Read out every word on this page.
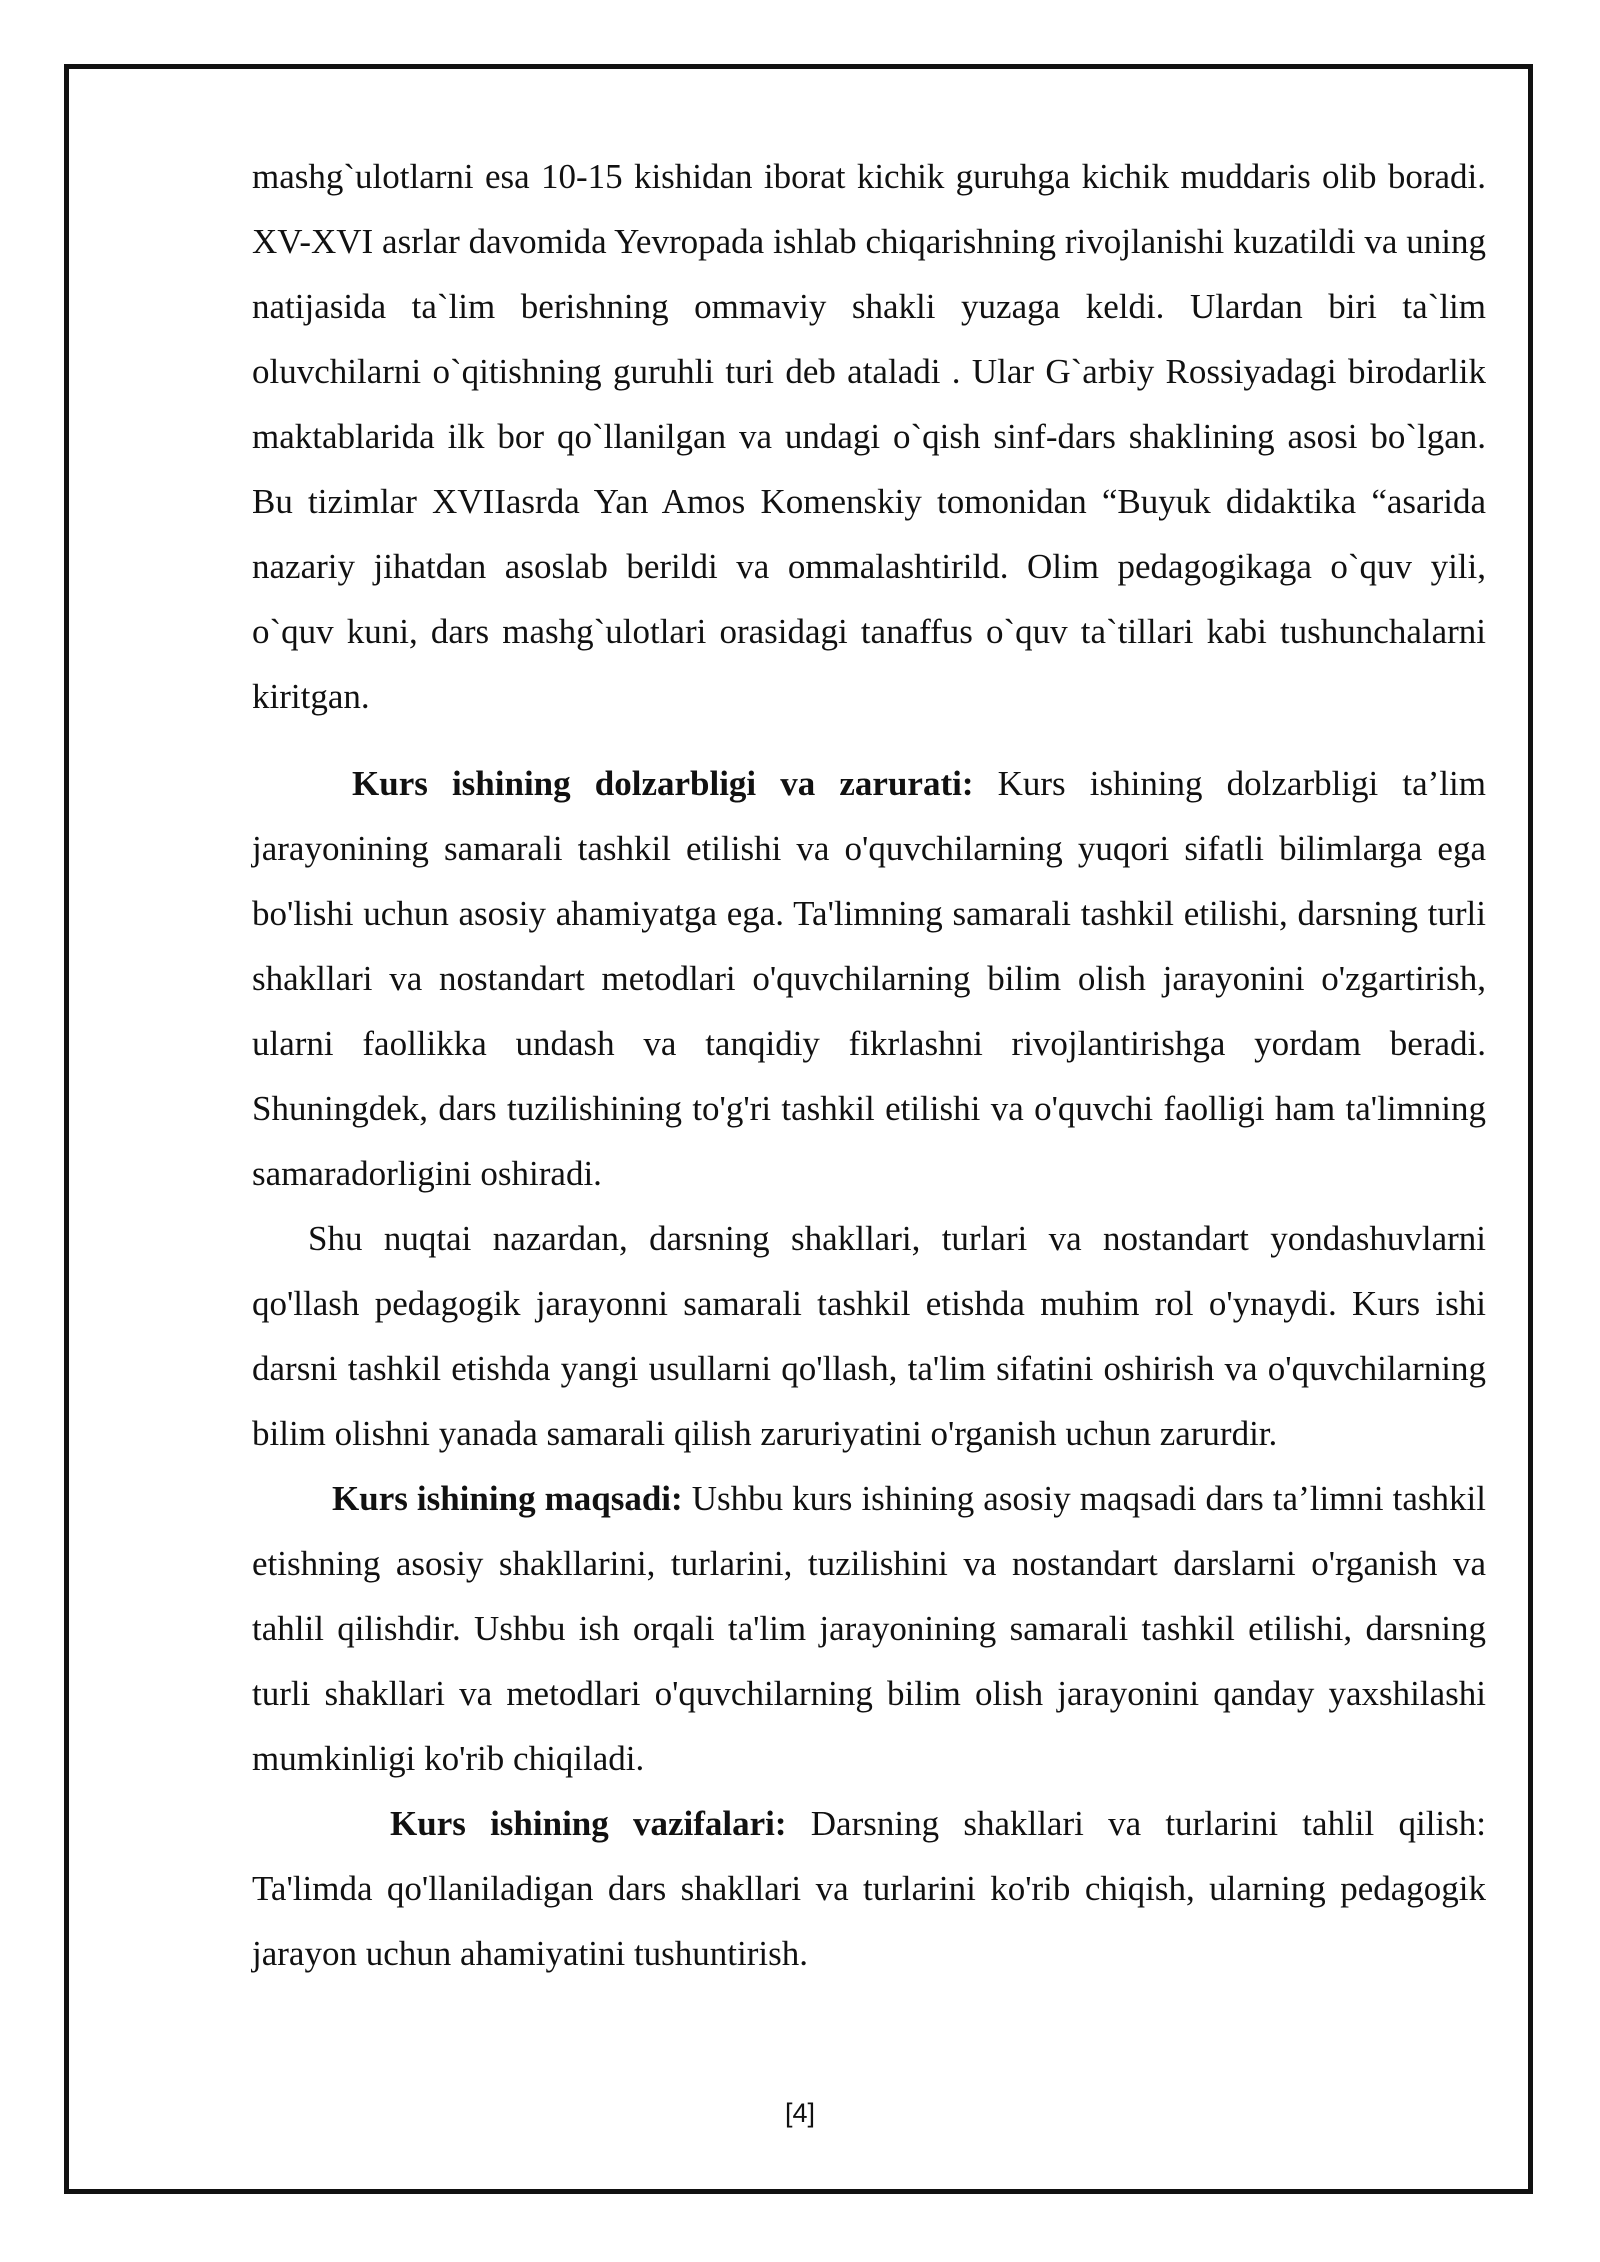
mashg`ulotlarni esa 10-15 kishidan iborat kichik guruhga kichik muddaris olib boradi. XV-XVI asrlar davomida Yevropada ishlab chiqarishning rivojlanishi kuzatildi va uning natijasida ta`lim berishning ommaviy shakli yuzaga keldi. Ulardan biri ta`lim oluvchilarni o`qitishning guruhli turi deb ataladi . Ular G`arbiy Rossiyadagi birodarlik maktablarida ilk bor qo`llanilgan va undagi o`qish sinf-dars shaklining asosi bo`lgan. Bu tizimlar XVIIasrda Yan Amos Komenskiy tomonidan “Buyuk didaktika “asarida nazariy jihatdan asoslab berildi va ommalashtirild. Olim pedagogikaga o`quv yili, o`quv kuni, dars mashg`ulotlari orasidagi tanaffus o`quv ta`tillari kabi tushunchalarni kiritgan.

Kurs ishining dolzarbligi va zarurati: Kurs ishining dolzarbligi ta’lim jarayonining samarali tashkil etilishi va o'quvchilarning yuqori sifatli bilimlarga ega bo'lishi uchun asosiy ahamiyatga ega. Ta'limning samarali tashkil etilishi, darsning turli shakllari va nostandart metodlari o'quvchilarning bilim olish jarayonini o'zgartirish, ularni faollikka undash va tanqidiy fikrlashni rivojlantirishga yordam beradi. Shuningdek, dars tuzilishining to'g'ri tashkil etilishi va o'quvchi faolligi ham ta'limning samaradorligini oshiradi.

Shu nuqtai nazardan, darsning shakllari, turlari va nostandart yondashuvlarni qo'llash pedagogik jarayonni samarali tashkil etishda muhim rol o'ynaydi. Kurs ishi darsni tashkil etishda yangi usullarni qo'llash, ta'lim sifatini oshirish va o'quvchilarning bilim olishni yanada samarali qilish zaruriyatini o'rganish uchun zarurdir.

Kurs ishining maqsadi: Ushbu kurs ishining asosiy maqsadi dars ta’limni tashkil etishning asosiy shakllarini, turlarini, tuzilishini va nostandart darslarni o'rganish va tahlil qilishdir. Ushbu ish orqali ta'lim jarayonining samarali tashkil etilishi, darsning turli shakllari va metodlari o'quvchilarning bilim olish jarayonini qanday yaxshilashi mumkinligi ko'rib chiqiladi.

Kurs ishining vazifalari: Darsning shakllari va turlarini tahlil qilish: Ta'limda qo'llaniladigan dars shakllari va turlarini ko'rib chiqish, ularning pedagogik jarayon uchun ahamiyatini tushuntirish.

[4]
